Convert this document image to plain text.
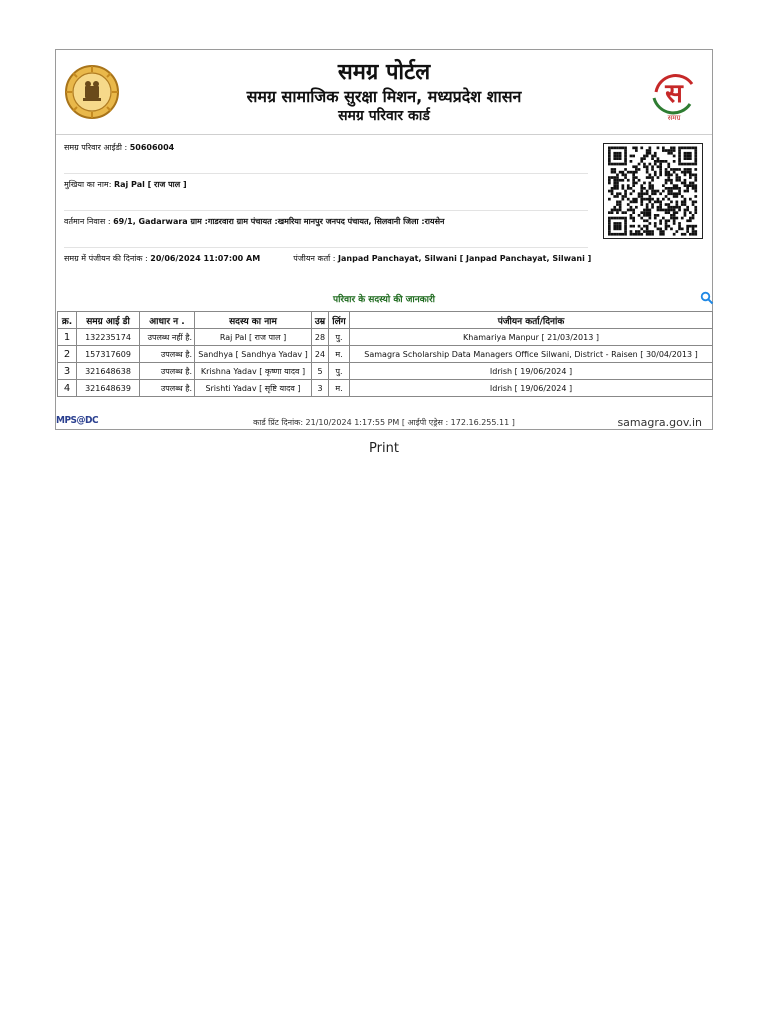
समग्र पोर्टल
समग्र सामाजिक सुरक्षा मिशन, मध्यप्रदेश शासन
समग्र परिवार कार्ड
स
समग्र
समग्र परिवार आईडी : 50606004
मुखिया का नाम: Raj Pal [ राज पाल ]
वर्तमान निवास : 69/1, Gadarwara ग्राम :गाडरवारा ग्राम पंचायत :खमरिया मानपुर जनपद पंचायत, सिलवानी जिला :रायसेन
समग्र में पंजीयन की दिनांक : 20/06/2024 11:07:00 AM	पंजीयन कर्ता : Janpad Panchayat, Silwani [ Janpad Panchayat, Silwani ]
परिवार के सदस्यो की जानकारी
क्र.	समग्र आई डी	आधार न .	सदस्य का नाम	उम्र	लिंग	पंजीयन कर्ता/दिनांक
1	132235174	उपलब्ध नहीं है.	Raj Pal [ राज पाल ]	28	पु.	Khamariya Manpur [ 21/03/2013 ]
2	157317609	उपलब्ध है.	Sandhya [ Sandhya Yadav ]	24	म.	Samagra Scholarship Data Managers Office Silwani, District - Raisen [ 30/04/2013 ]
3	321648638	उपलब्ध है.	Krishna Yadav [ कृष्णा यादव ]	5	पु.	Idrish [ 19/06/2024 ]
4	321648639	उपलब्ध है.	Srishti Yadav [ सृष्टि यादव ]	3	म.	Idrish [ 19/06/2024 ]
MPS@DC	कार्ड प्रिंट दिनांक: 21/10/2024 1:17:55 PM [ आईपी एड्रेस : 172.16.255.11 ]	samagra.gov.in
Print
